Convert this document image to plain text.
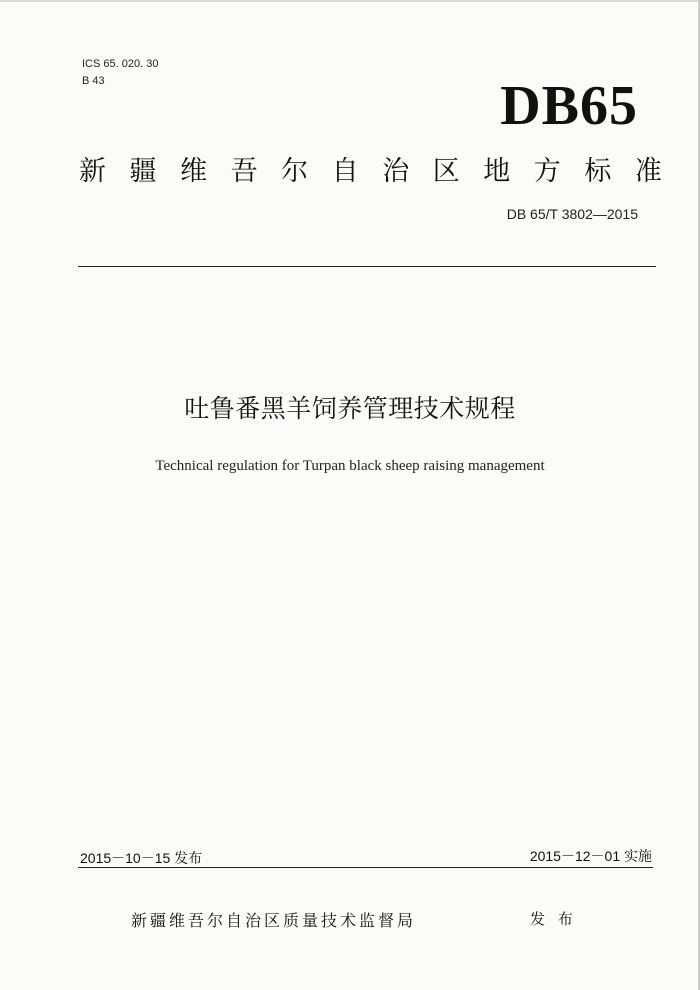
ICS 65. 020. 30
B 43	DB65
新 疆 维 吾 尔 自 治 区 地 方 标 准
DB 65/T 3802—2015
吐鲁番黑羊饲养管理技术规程
Technical regulation for Turpan black sheep raising management
2015－10－15 发布	2015－12－01 实施
新疆维吾尔自治区质量技术监督局	发 布
